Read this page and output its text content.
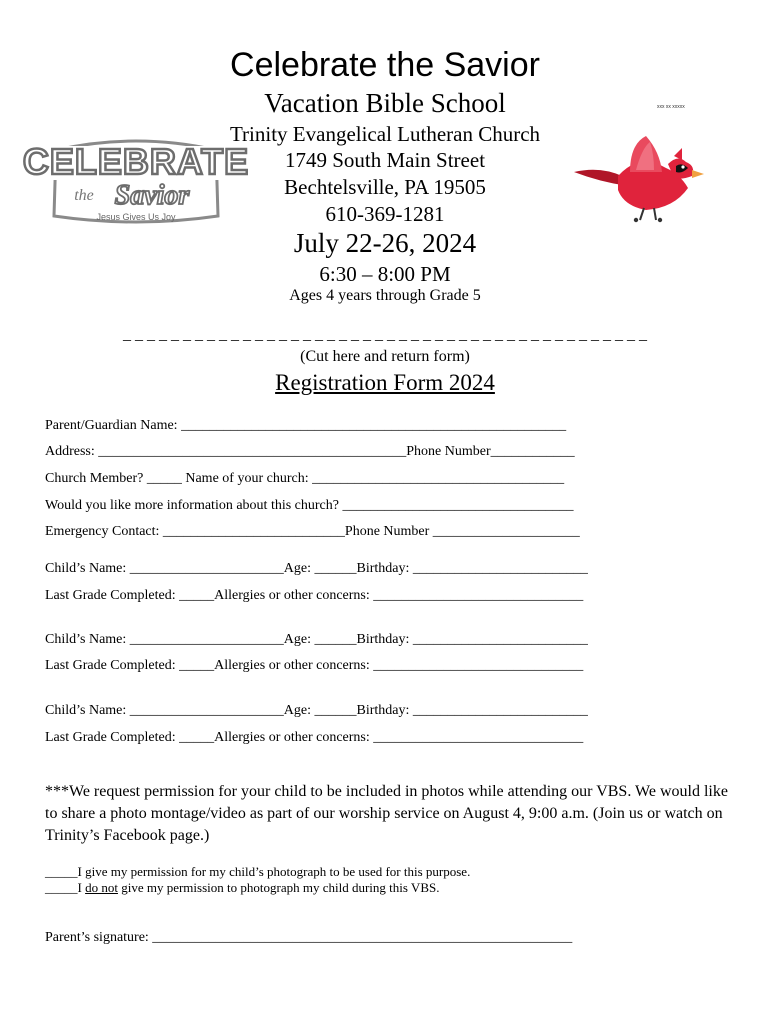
Celebrate the Savior
Vacation Bible School
Trinity Evangelical Lutheran Church
1749 South Main Street
Bechtelsville, PA 19505
610-369-1281
July 22-26, 2024
6:30 – 8:00 PM
Ages 4 years through Grade 5
xxx xx xxxxx
CELEBRATE
the Savior
Jesus Gives Us Joy
_ _ _ _ _ _ _ _ _ _ _ _ _ _ _ _ _ _ _ _ _ _ _ _ _ _ _ _ _ _ _ _ _ _ _ _ _ _ _ _ _ _ _ _
(Cut here and return form)
Registration Form 2024
Parent/Guardian Name: _______________________________________________________
Address: ____________________________________________Phone Number____________
Church Member? _____ Name of your church: ____________________________________
Would you like more information about this church? _________________________________
Emergency Contact: __________________________Phone Number _____________________
Child’s Name: ______________________Age: ______Birthday: _________________________
Last Grade Completed: _____Allergies or other concerns: ______________________________
Child’s Name: ______________________Age: ______Birthday: _________________________
Last Grade Completed: _____Allergies or other concerns: ______________________________
Child’s Name: ______________________Age: ______Birthday: _________________________
Last Grade Completed: _____Allergies or other concerns: ______________________________
***We request permission for your child to be included in photos while attending our VBS. We would like to share a photo montage/video as part of our worship service on August 4, 9:00 a.m. (Join us or watch on Trinity’s Facebook page.)
_____I give my permission for my child’s photograph to be used for this purpose.
_____I do not give my permission to photograph my child during this VBS.
Parent’s signature: ____________________________________________________________
